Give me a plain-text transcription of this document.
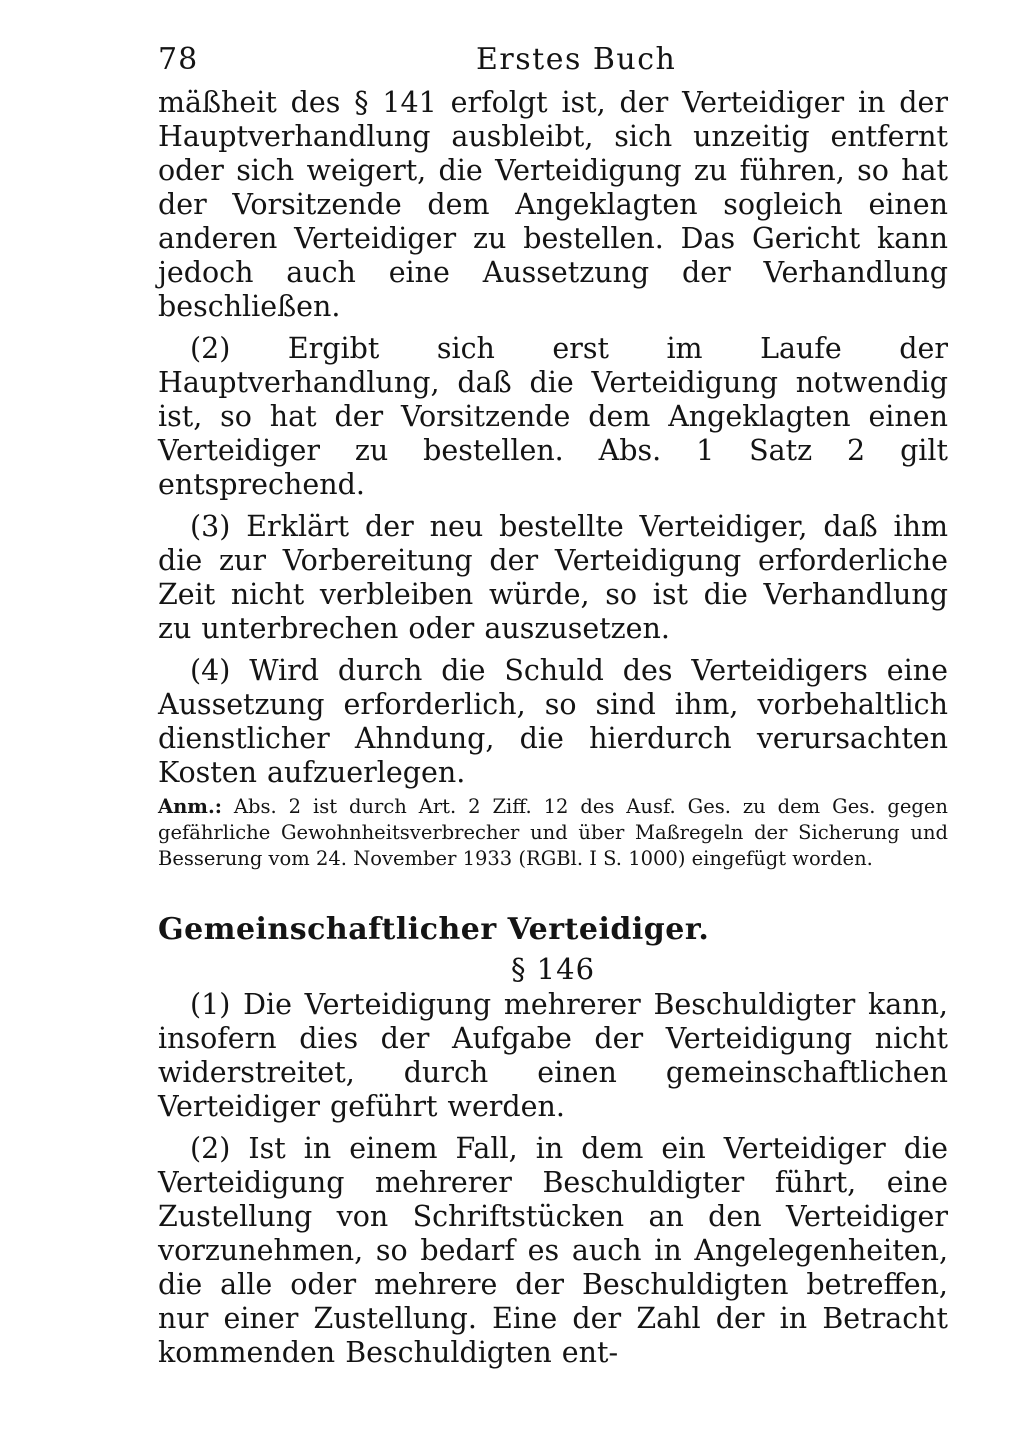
78	Erstes Buch

mäßheit des § 141 erfolgt ist, der Verteidiger in der Hauptverhandlung ausbleibt, sich unzeitig entfernt oder sich weigert, die Verteidigung zu führen, so hat der Vorsitzende dem Angeklagten sogleich einen anderen Verteidiger zu bestellen. Das Gericht kann jedoch auch eine Aussetzung der Verhandlung beschließen.

(2) Ergibt sich erst im Laufe der Hauptverhandlung, daß die Verteidigung notwendig ist, so hat der Vorsitzende dem Angeklagten einen Verteidiger zu bestellen. Abs. 1 Satz 2 gilt entsprechend.

(3) Erklärt der neu bestellte Verteidiger, daß ihm die zur Vorbereitung der Verteidigung erforderliche Zeit nicht verbleiben würde, so ist die Verhandlung zu unterbrechen oder auszusetzen.

(4) Wird durch die Schuld des Verteidigers eine Aussetzung erforderlich, so sind ihm, vorbehaltlich dienstlicher Ahndung, die hierdurch verursachten Kosten aufzuerlegen.

Anm.: Abs. 2 ist durch Art. 2 Ziff. 12 des Ausf. Ges. zu dem Ges. gegen gefährliche Gewohnheitsverbrecher und über Maßregeln der Sicherung und Besserung vom 24. November 1933 (RGBl. I S. 1000) eingefügt worden.

Gemeinschaftlicher Verteidiger.

§ 146

(1) Die Verteidigung mehrerer Beschuldigter kann, insofern dies der Aufgabe der Verteidigung nicht widerstreitet, durch einen gemeinschaftlichen Verteidiger geführt werden.

(2) Ist in einem Fall, in dem ein Verteidiger die Verteidigung mehrerer Beschuldigter führt, eine Zustellung von Schriftstücken an den Verteidiger vorzunehmen, so bedarf es auch in Angelegenheiten, die alle oder mehrere der Beschuldigten betreffen, nur einer Zustellung. Eine der Zahl der in Betracht kommenden Beschuldigten ent-
